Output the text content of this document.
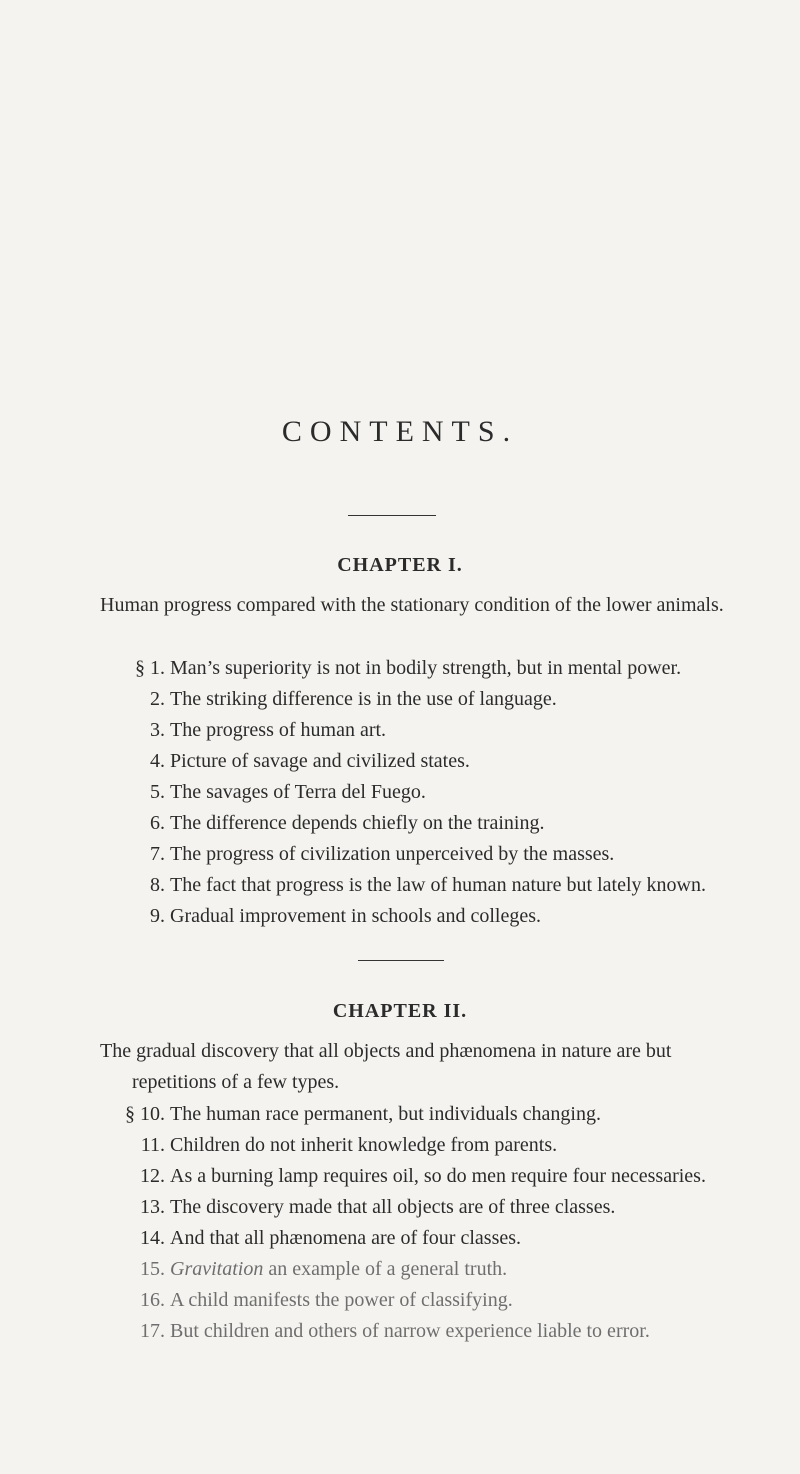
CONTENTS.
CHAPTER I.

Human progress compared with the stationary condition of the lower animals.

§ 1. Man’s superiority is not in bodily strength, but in mental power.
2. The striking difference is in the use of language.
3. The progress of human art.
4. Picture of savage and civilized states.
5. The savages of Terra del Fuego.
6. The difference depends chiefly on the training.
7. The progress of civilization unperceived by the masses.
8. The fact that progress is the law of human nature but lately known.
9. Gradual improvement in schools and colleges.
CHAPTER II.

The gradual discovery that all objects and phænomena in nature are but repetitions of a few types.

§ 10. The human race permanent, but individuals changing.
11. Children do not inherit knowledge from parents.
12. As a burning lamp requires oil, so do men require four necessaries.
13. The discovery made that all objects are of three classes.
14. And that all phænomena are of four classes.
15. Gravitation an example of a general truth.
16. A child manifests the power of classifying.
17. But children and others of narrow experience liable to error.
